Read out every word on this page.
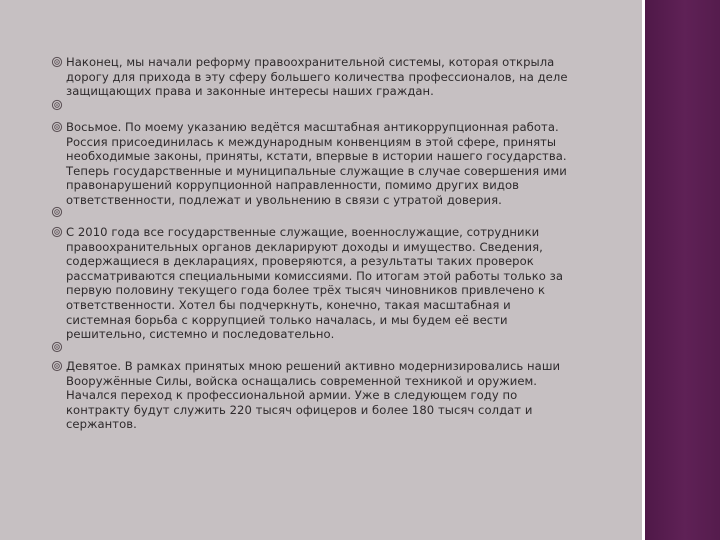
Наконец, мы начали реформу правоохранительной системы, которая открыла
дорогу для прихода в эту сферу большего количества профессионалов, на деле
защищающих права и законные интересы наших граждан.
Восьмое. По моему указанию ведётся масштабная антикоррупционная работа.
Россия присоединилась к международным конвенциям в этой сфере, приняты
необходимые законы, приняты, кстати, впервые в истории нашего государства.
Теперь государственные и муниципальные служащие в случае совершения ими
правонарушений коррупционной направленности, помимо других видов
ответственности, подлежат и увольнению в связи с утратой доверия.
С 2010 года все государственные служащие, военнослужащие, сотрудники
правоохранительных органов декларируют доходы и имущество. Сведения,
содержащиеся в декларациях, проверяются, а результаты таких проверок
рассматриваются специальными комиссиями. По итогам этой работы только за
первую половину текущего года более трёх тысяч чиновников привлечено к
ответственности. Хотел бы подчеркнуть, конечно, такая масштабная и
системная борьба с коррупцией только началась, и мы будем её вести
решительно, системно и последовательно.
Девятое. В рамках принятых мною решений активно модернизировались наши
Вооружённые Силы, войска оснащались современной техникой и оружием.
Начался переход к профессиональной армии. Уже в следующем году по
контракту будут служить 220 тысяч офицеров и более 180 тысяч солдат и
сержантов.
